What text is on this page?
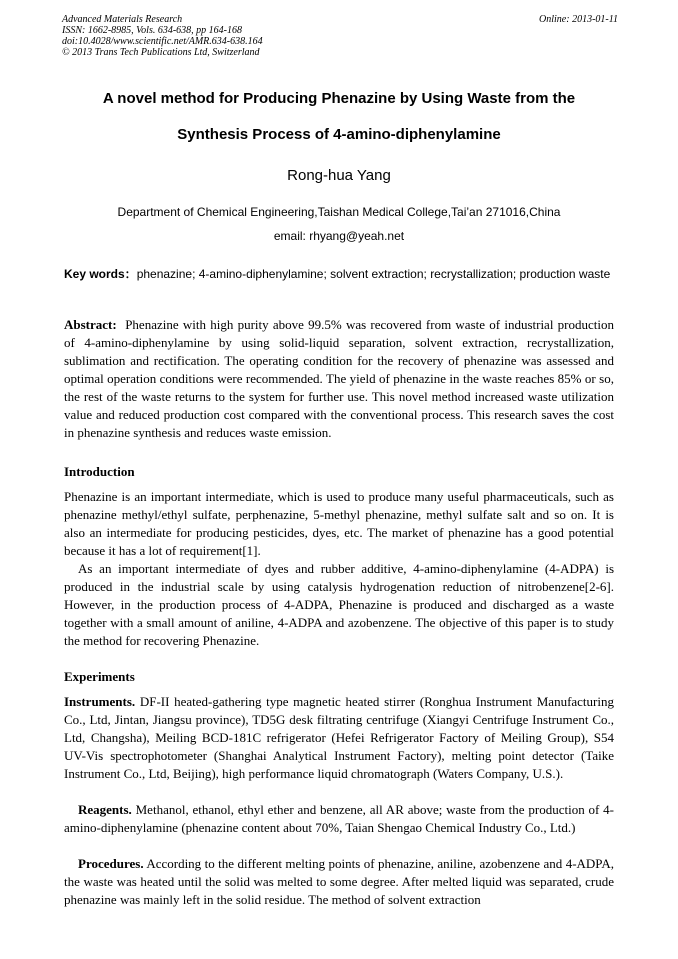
Advanced Materials Research
ISSN: 1662-8985, Vols. 634-638, pp 164-168
doi:10.4028/www.scientific.net/AMR.634-638.164
© 2013 Trans Tech Publications Ltd, Switzerland
Online: 2013-01-11
A novel method for Producing Phenazine by Using Waste from the
Synthesis Process of 4-amino-diphenylamine
Rong-hua Yang
Department of Chemical Engineering,Taishan Medical College,Tai’an 271016,China
email: rhyang@yeah.net
Key words：phenazine; 4-amino-diphenylamine; solvent extraction; recrystallization; production waste

Abstract: Phenazine with high purity above 99.5% was recovered from waste of industrial production of 4-amino-diphenylamine by using solid-liquid separation, solvent extraction, recrystallization, sublimation and rectification. The operating condition for the recovery of phenazine was assessed and optimal operation conditions were recommended. The yield of phenazine in the waste reaches 85% or so, the rest of the waste returns to the system for further use. This novel method increased waste utilization value and reduced production cost compared with the conventional process. This research saves the cost in phenazine synthesis and reduces waste emission.

Introduction

Phenazine is an important intermediate, which is used to produce many useful pharmaceuticals, such as phenazine methyl/ethyl sulfate, perphenazine, 5-methyl phenazine, methyl sulfate salt and so on. It is also an intermediate for producing pesticides, dyes, etc. The market of phenazine has a good potential because it has a lot of requirement[1].

As an important intermediate of dyes and rubber additive, 4-amino-diphenylamine (4-ADPA) is produced in the industrial scale by using catalysis hydrogenation reduction of nitrobenzene[2-6]. However, in the production process of 4-ADPA, Phenazine is produced and discharged as a waste together with a small amount of aniline, 4-ADPA and azobenzene. The objective of this paper is to study the method for recovering Phenazine.

Experiments

Instruments. DF-II heated-gathering type magnetic heated stirrer (Ronghua Instrument Manufacturing Co., Ltd, Jintan, Jiangsu province), TD5G desk filtrating centrifuge (Xiangyi Centrifuge Instrument Co., Ltd, Changsha), Meiling BCD-181C refrigerator (Hefei Refrigerator Factory of Meiling Group), S54 UV-Vis spectrophotometer (Shanghai Analytical Instrument Factory), melting point detector (Taike Instrument Co., Ltd, Beijing), high performance liquid chromatograph (Waters Company, U.S.).

Reagents. Methanol, ethanol, ethyl ether and benzene, all AR above; waste from the production of 4-amino-diphenylamine (phenazine content about 70%, Taian Shengao Chemical Industry Co., Ltd.)

Procedures. According to the different melting points of phenazine, aniline, azobenzene and 4-ADPA, the waste was heated until the solid was melted to some degree. After melted liquid was separated, crude phenazine was mainly left in the solid residue. The method of solvent extraction
